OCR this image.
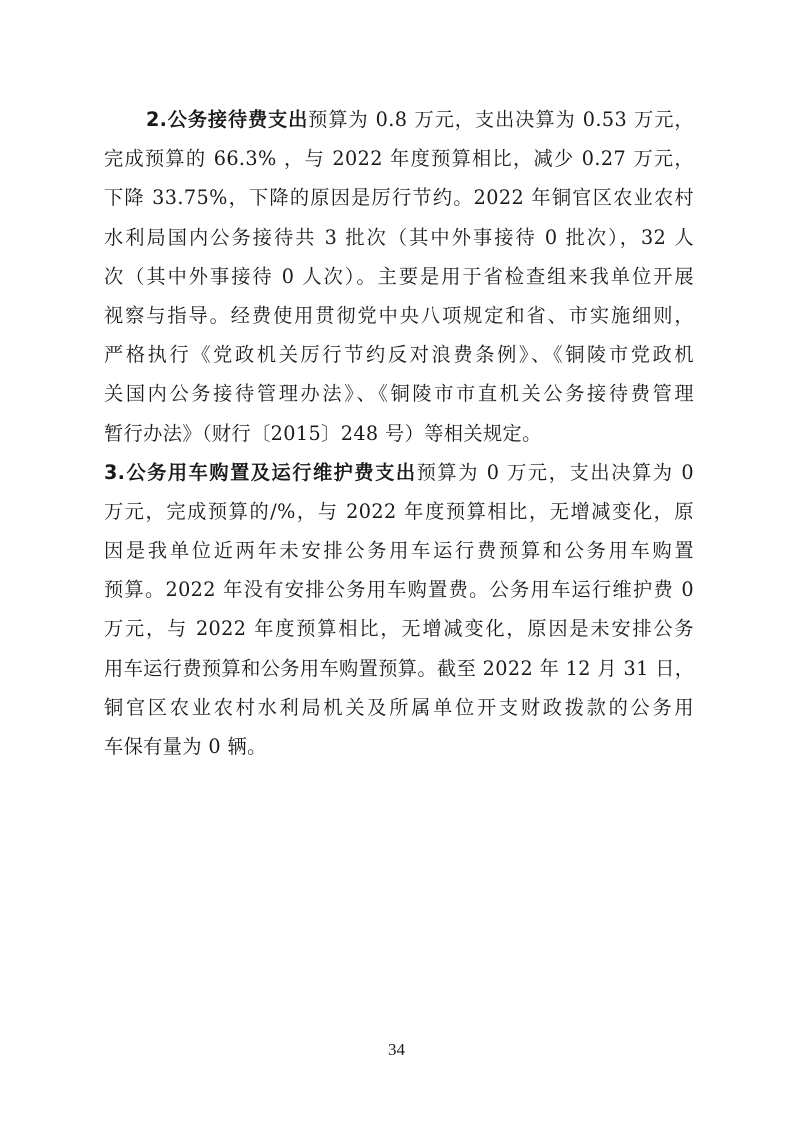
2.公务接待费支出预算为 0.8 万元，支出决算为 0.53 万元，
完成预算的 66.3% ，与 2022 年度预算相比，减少 0.27 万元，
下降 33.75%，下降的原因是厉行节约。2022 年铜官区农业农村
水利局国内公务接待共 3 批次（其中外事接待 0 批次），32 人
次（其中外事接待 0 人次）。主要是用于省检查组来我单位开展
视察与指导。经费使用贯彻党中央八项规定和省、市实施细则，
严格执行《党政机关厉行节约反对浪费条例》、《铜陵市党政机
关国内公务接待管理办法》、《铜陵市市直机关公务接待费管理
暂行办法》（财行〔2015〕248 号）等相关规定。
3.公务用车购置及运行维护费支出预算为 0 万元，支出决算为 0
万元，完成预算的/%，与 2022 年度预算相比，无增减变化，原
因是我单位近两年未安排公务用车运行费预算和公务用车购置
预算。2022 年没有安排公务用车购置费。公务用车运行维护费 0
万元，与 2022 年度预算相比，无增减变化，原因是未安排公务
用车运行费预算和公务用车购置预算。截至 2022 年 12 月 31 日，
铜官区农业农村水利局机关及所属单位开支财政拨款的公务用
车保有量为 0 辆。
34
